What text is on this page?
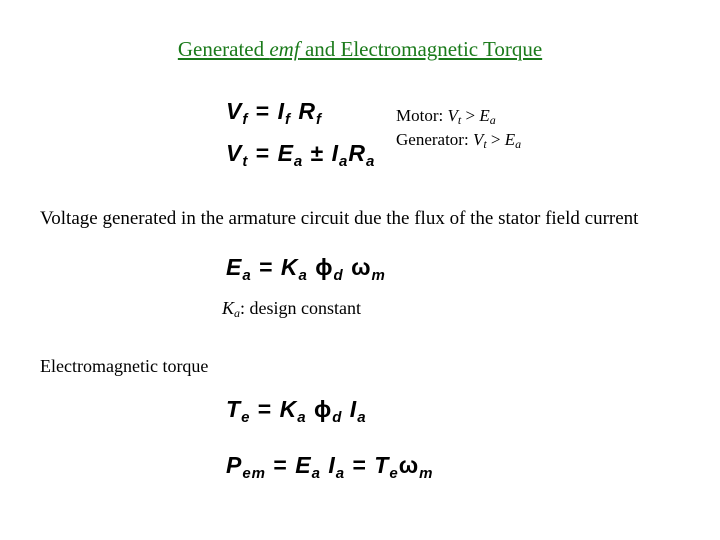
Generated emf and Electromagnetic Torque
$V_f = I_f$ $R_f$
$V_t = E_a \pm I_aR_a$
Motor: $V_t > E_a$
Generator: $V_t > E_a$
Voltage generated in the armature circuit due the flux of the stator field current
$E_a = K_a$ $\phi_d$ $\omega_m$
$K_a$: design constant
Electromagnetic torque
$T_e = K_a$ $\phi_d$ $I_a$
$P_{em} = E_a$ $I_a = T_e\omega_m$
